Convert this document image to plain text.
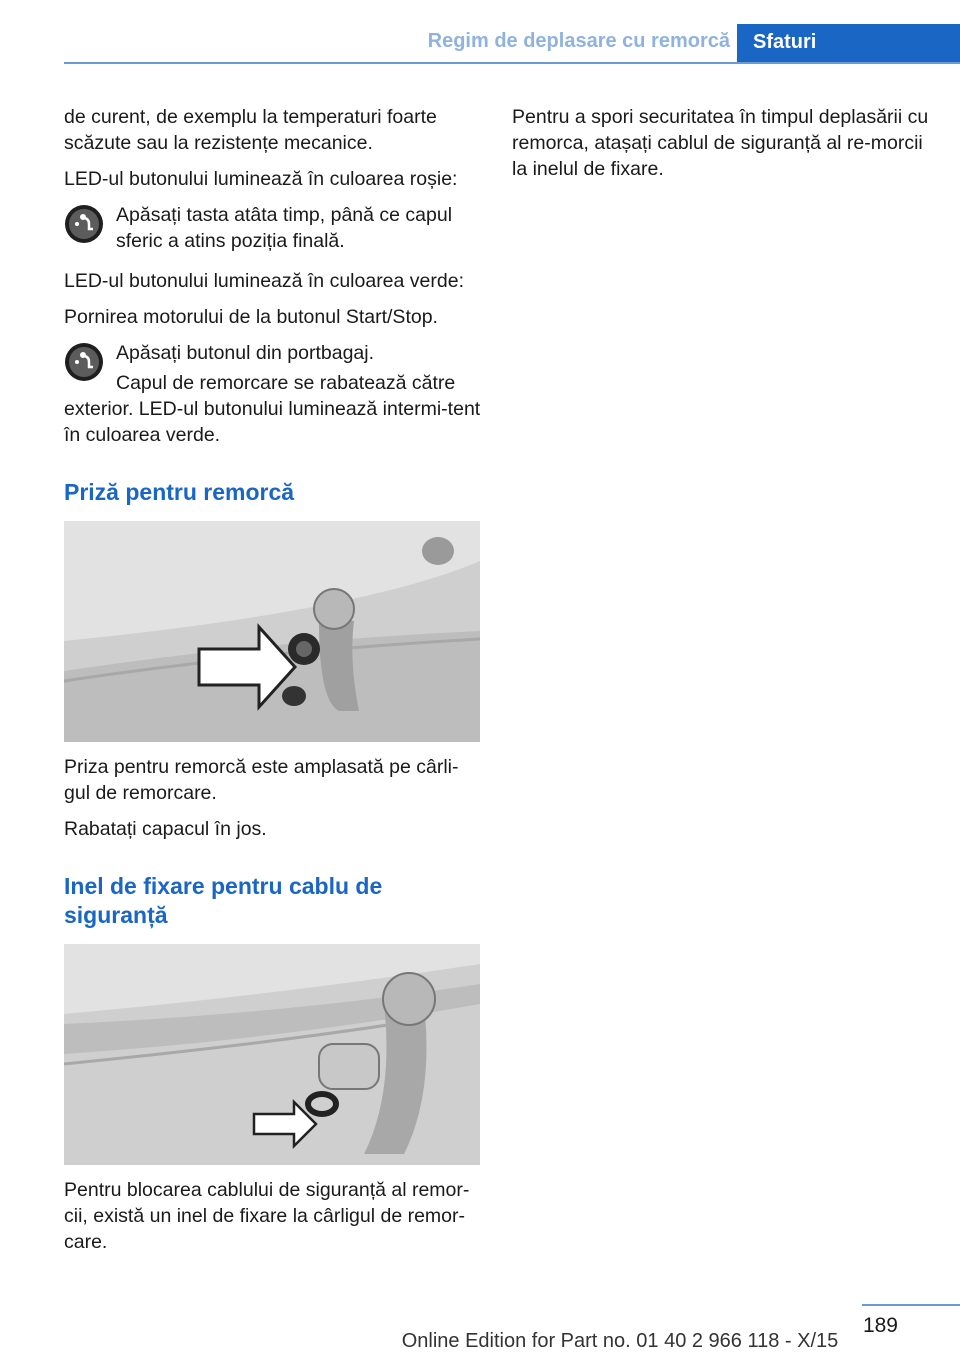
Regim de deplasare cu remorcă Sfaturi

de curent, de exemplu la temperaturi foarte scăzute sau la rezistențe mecanice.

LED-ul butonului luminează în culoarea roșie:

Apăsați tasta atâta timp, până ce capul sferic a atins poziția finală.

LED-ul butonului luminează în culoarea verde:

Pornirea motorului de la butonul Start/Stop.

Apăsați butonul din portbagaj.

Capul de remorcare se rabatează către exterior. LED-ul butonului luminează intermi-tent în culoarea verde.

Priză pentru remorcă

Priza pentru remorcă este amplasată pe cârli-gul de remorcare.

Rabatați capacul în jos.

Inel de fixare pentru cablu de siguranță

Pentru blocarea cablului de siguranță al remor-cii, există un inel de fixare la cârligul de remor-care.

Pentru a spori securitatea în timpul deplasării cu remorca, atașați cablul de siguranță al re-morcii la inelul de fixare.

189
Online Edition for Part no. 01 40 2 966 118 - X/15
